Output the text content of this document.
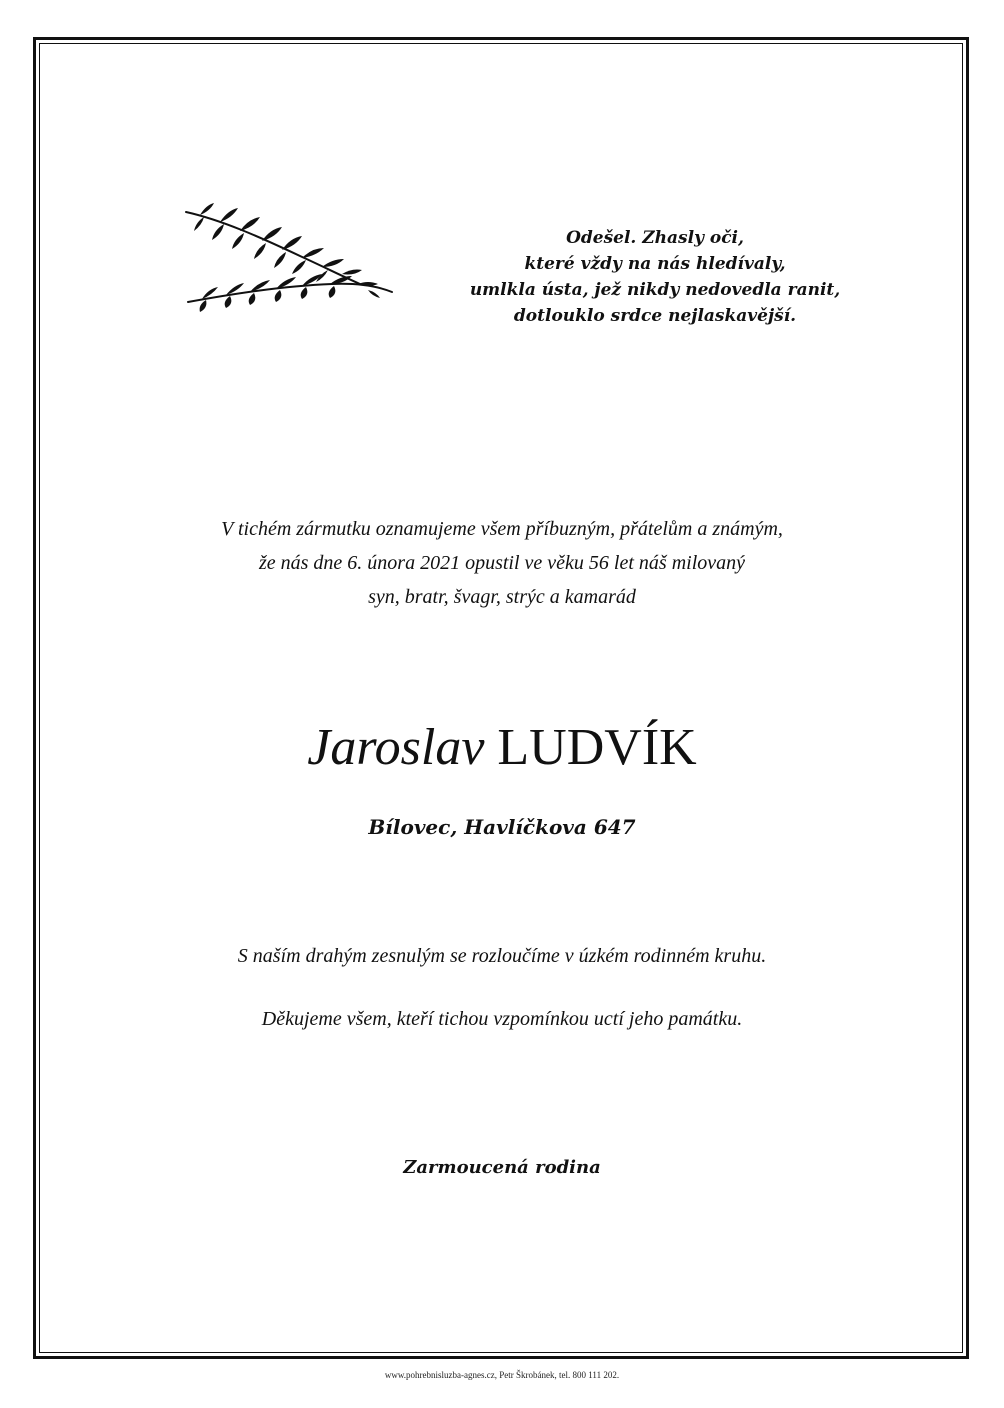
Odešel. Zhasly oči,
které vždy na nás hledívaly,
umlkla ústa, jež nikdy nedovedla ranit,
dotlouklo srdce nejlaskavější.
V tichém zármutku oznamujeme všem příbuzným, přátelům a známým,
že nás dne 6. února 2021 opustil ve věku 56 let náš milovaný
syn, bratr, švagr, strýc a kamarád
Jaroslav LUDVÍK
Bílovec, Havlíčkova 647
S naším drahým zesnulým se rozloučíme v úzkém rodinném kruhu.
Děkujeme všem, kteří tichou vzpomínkou uctí jeho památku.
Zarmoucená rodina
www.pohrebnisluzba-agnes.cz, Petr Škrobánek, tel. 800 111 202.
